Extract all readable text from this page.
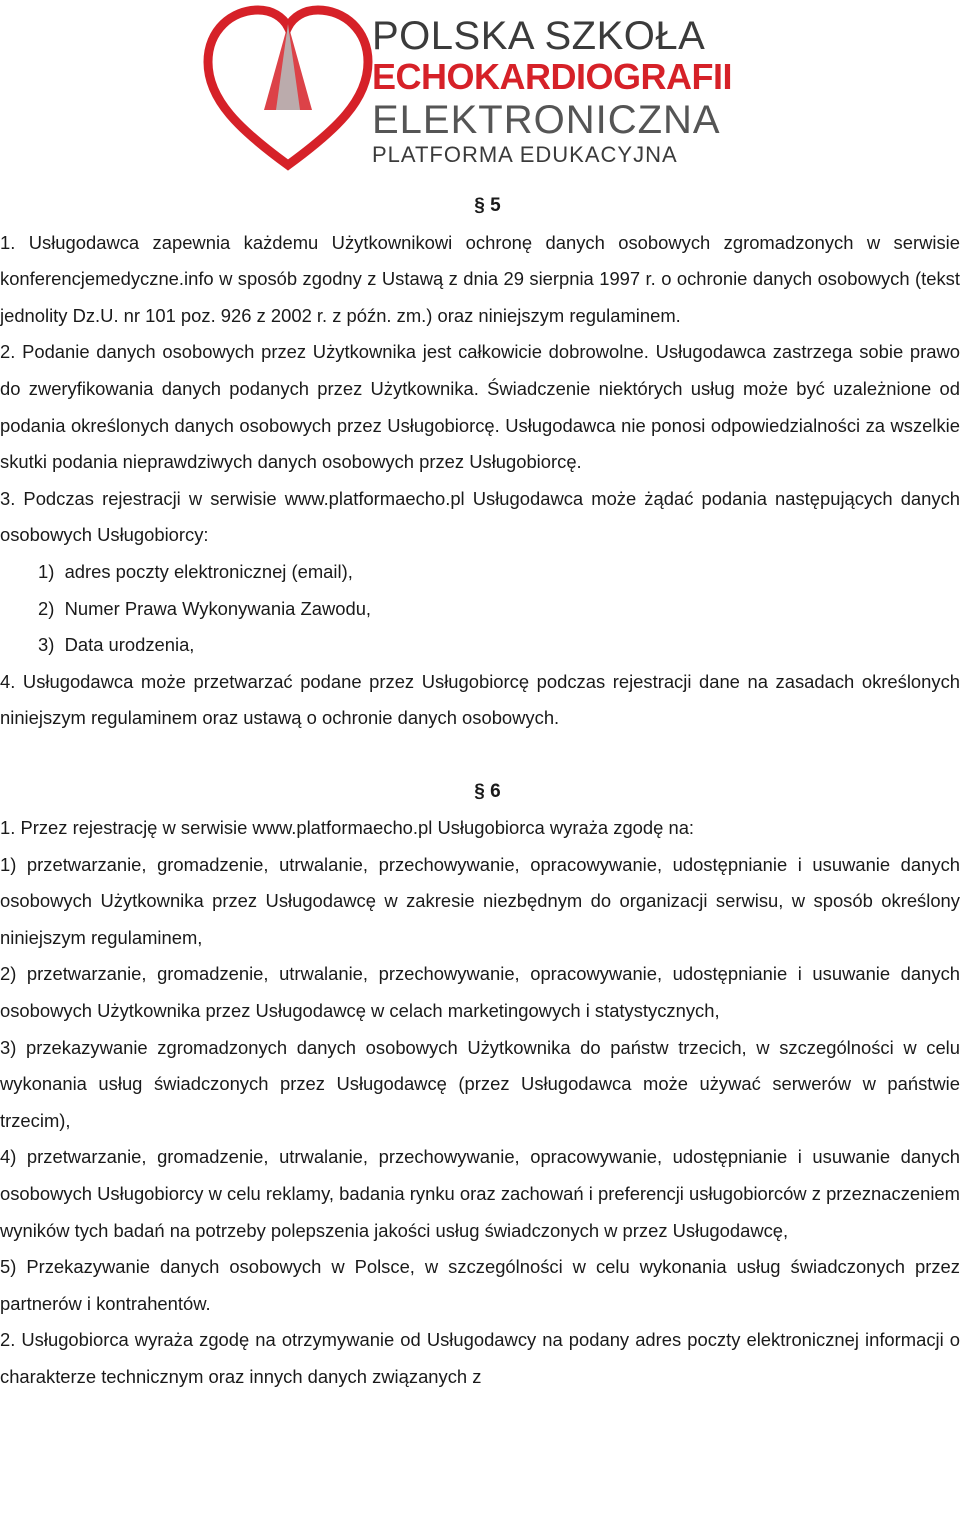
POLSKA SZKOŁA
ECHOKARDIOGRAFII
ELEKTRONICZNA
PLATFORMA EDUKACYJNA
§ 5

1. Usługodawca zapewnia każdemu Użytkownikowi ochronę danych osobowych zgromadzonych w serwisie konferencjemedyczne.info w sposób zgodny z Ustawą z dnia 29 sierpnia 1997 r. o ochronie danych osobowych (tekst jednolity Dz.U. nr 101 poz. 926 z 2002 r. z późn. zm.) oraz niniejszym regulaminem.

2. Podanie danych osobowych przez Użytkownika jest całkowicie dobrowolne. Usługodawca zastrzega sobie prawo do zweryfikowania danych podanych przez Użytkownika. Świadczenie niektórych usług może być uzależnione od podania określonych danych osobowych przez Usługobiorcę. Usługodawca nie ponosi odpowiedzialności za wszelkie skutki podania nieprawdziwych danych osobowych przez Usługobiorcę.

3. Podczas rejestracji w serwisie www.platformaecho.pl Usługodawca może żądać podania następujących danych osobowych Usługobiorcy:

1)  adres poczty elektronicznej (email),

2)  Numer Prawa Wykonywania Zawodu,

3)  Data urodzenia,

4. Usługodawca może przetwarzać podane przez Usługobiorcę podczas rejestracji dane na zasadach określonych niniejszym regulaminem oraz ustawą o ochronie danych osobowych.

§ 6

1. Przez rejestrację w serwisie www.platformaecho.pl Usługobiorca wyraża zgodę na:

1) przetwarzanie, gromadzenie, utrwalanie, przechowywanie, opracowywanie, udostępnianie i usuwanie danych osobowych Użytkownika przez Usługodawcę w zakresie niezbędnym do organizacji serwisu, w sposób określony niniejszym regulaminem,

2) przetwarzanie, gromadzenie, utrwalanie, przechowywanie, opracowywanie, udostępnianie i usuwanie danych osobowych Użytkownika przez Usługodawcę w celach marketingowych i statystycznych,

3) przekazywanie zgromadzonych danych osobowych Użytkownika do państw trzecich, w szczególności w celu wykonania usług świadczonych przez Usługodawcę (przez Usługodawca może używać serwerów w państwie trzecim),

4) przetwarzanie, gromadzenie, utrwalanie, przechowywanie, opracowywanie, udostępnianie i usuwanie danych osobowych Usługobiorcy w celu reklamy, badania rynku oraz zachowań i preferencji usługobiorców z przeznaczeniem wyników tych badań na potrzeby polepszenia jakości usług świadczonych w przez Usługodawcę,

5) Przekazywanie danych osobowych w Polsce, w szczególności w celu wykonania usług świadczonych przez partnerów i kontrahentów.

2. Usługobiorca wyraża zgodę na otrzymywanie od Usługodawcy na podany adres poczty elektronicznej informacji o charakterze technicznym oraz innych danych związanych z
